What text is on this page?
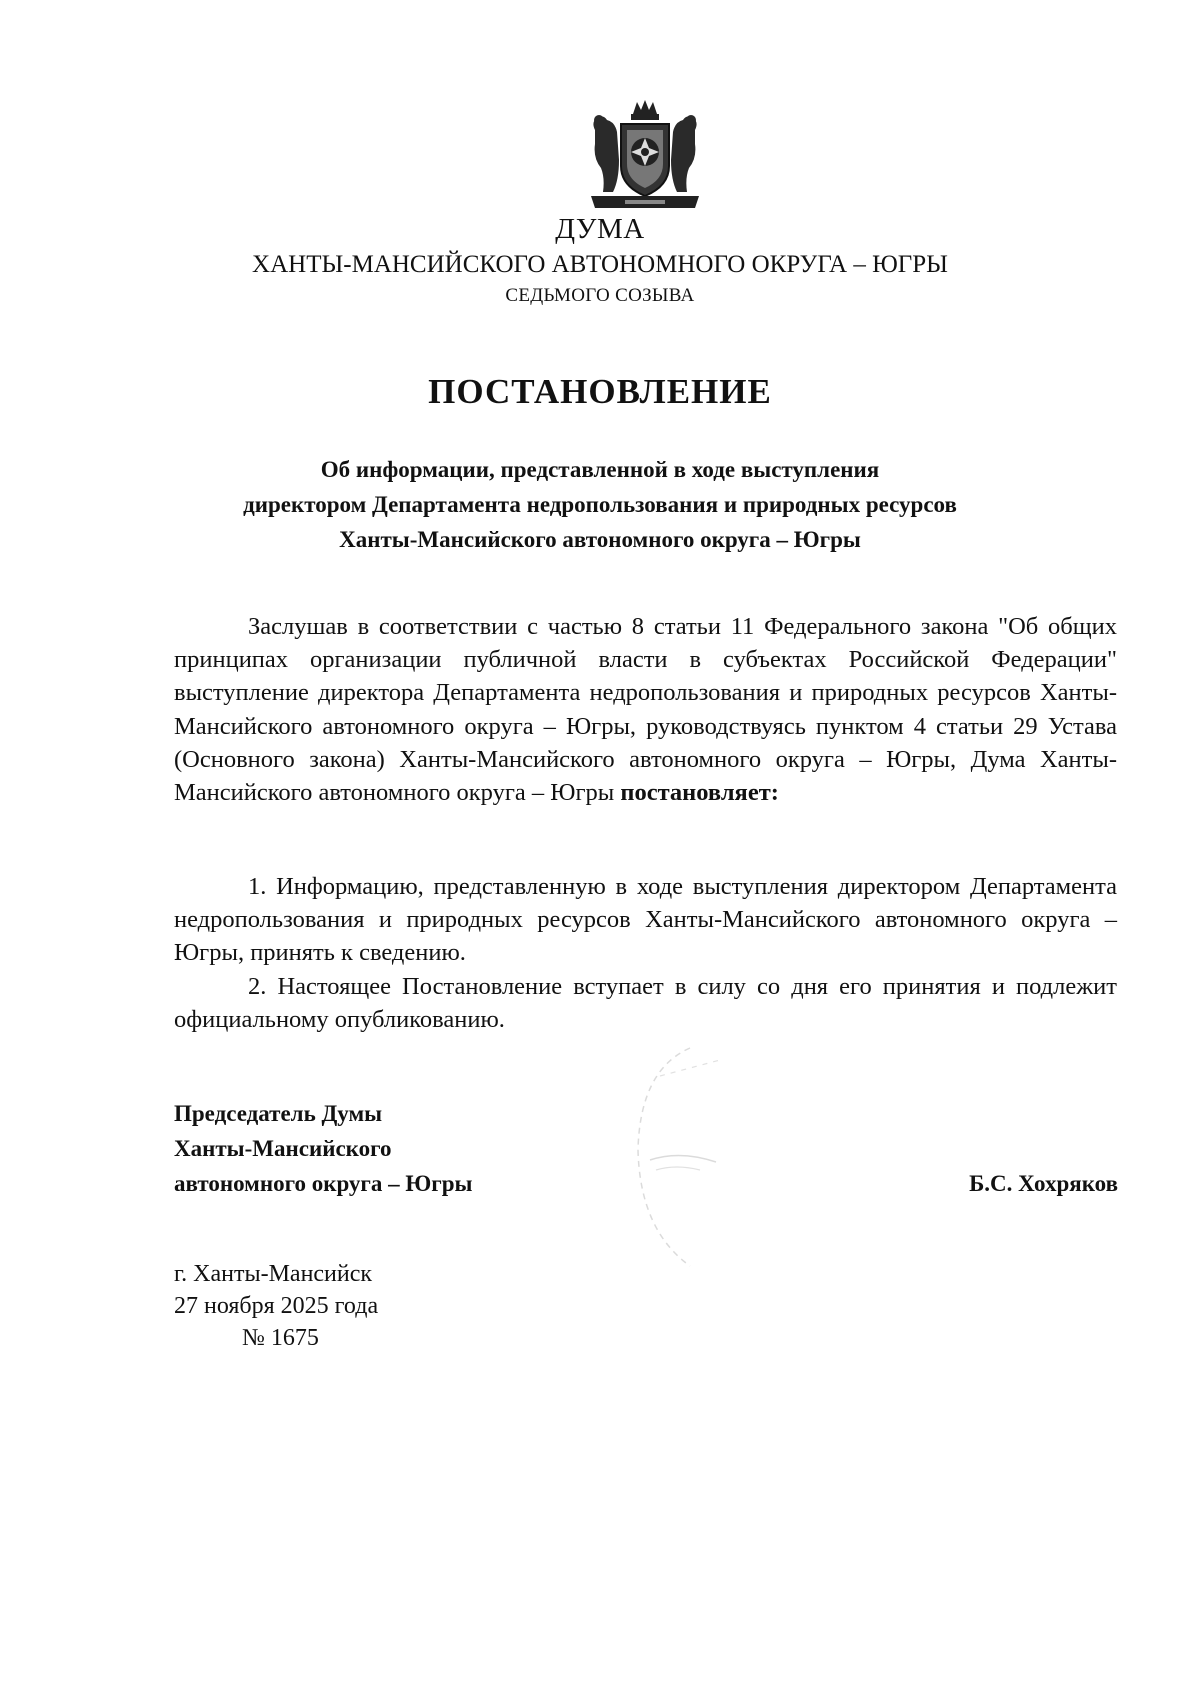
ДУМА
ХАНТЫ-МАНСИЙСКОГО АВТОНОМНОГО ОКРУГА – ЮГРЫ
СЕДЬМОГО СОЗЫВА
ПОСТАНОВЛЕНИЕ
Об информации, представленной в ходе выступления
директором Департамента недропользования и природных ресурсов
Ханты-Мансийского автономного округа – Югры
Заслушав в соответствии с частью 8 статьи 11 Федерального закона "Об общих принципах организации публичной власти в субъектах Российской Федерации" выступление директора Департамента недропользования и природных ресурсов Ханты-Мансийского автономного округа – Югры, руководствуясь пунктом 4 статьи 29 Устава (Основного закона) Ханты-Мансийского автономного округа – Югры, Дума Ханты-Мансийского автономного округа – Югры постановляет:
1. Информацию, представленную в ходе выступления директором Департамента недропользования и природных ресурсов Ханты-Мансийского автономного округа – Югры, принять к сведению.
2. Настоящее Постановление вступает в силу со дня его принятия и подлежит официальному опубликованию.
Председатель Думы
Ханты-Мансийского
автономного округа – Югры	Б.С. Хохряков
г. Ханты-Мансийск
27 ноября 2025 года
№ 1675
